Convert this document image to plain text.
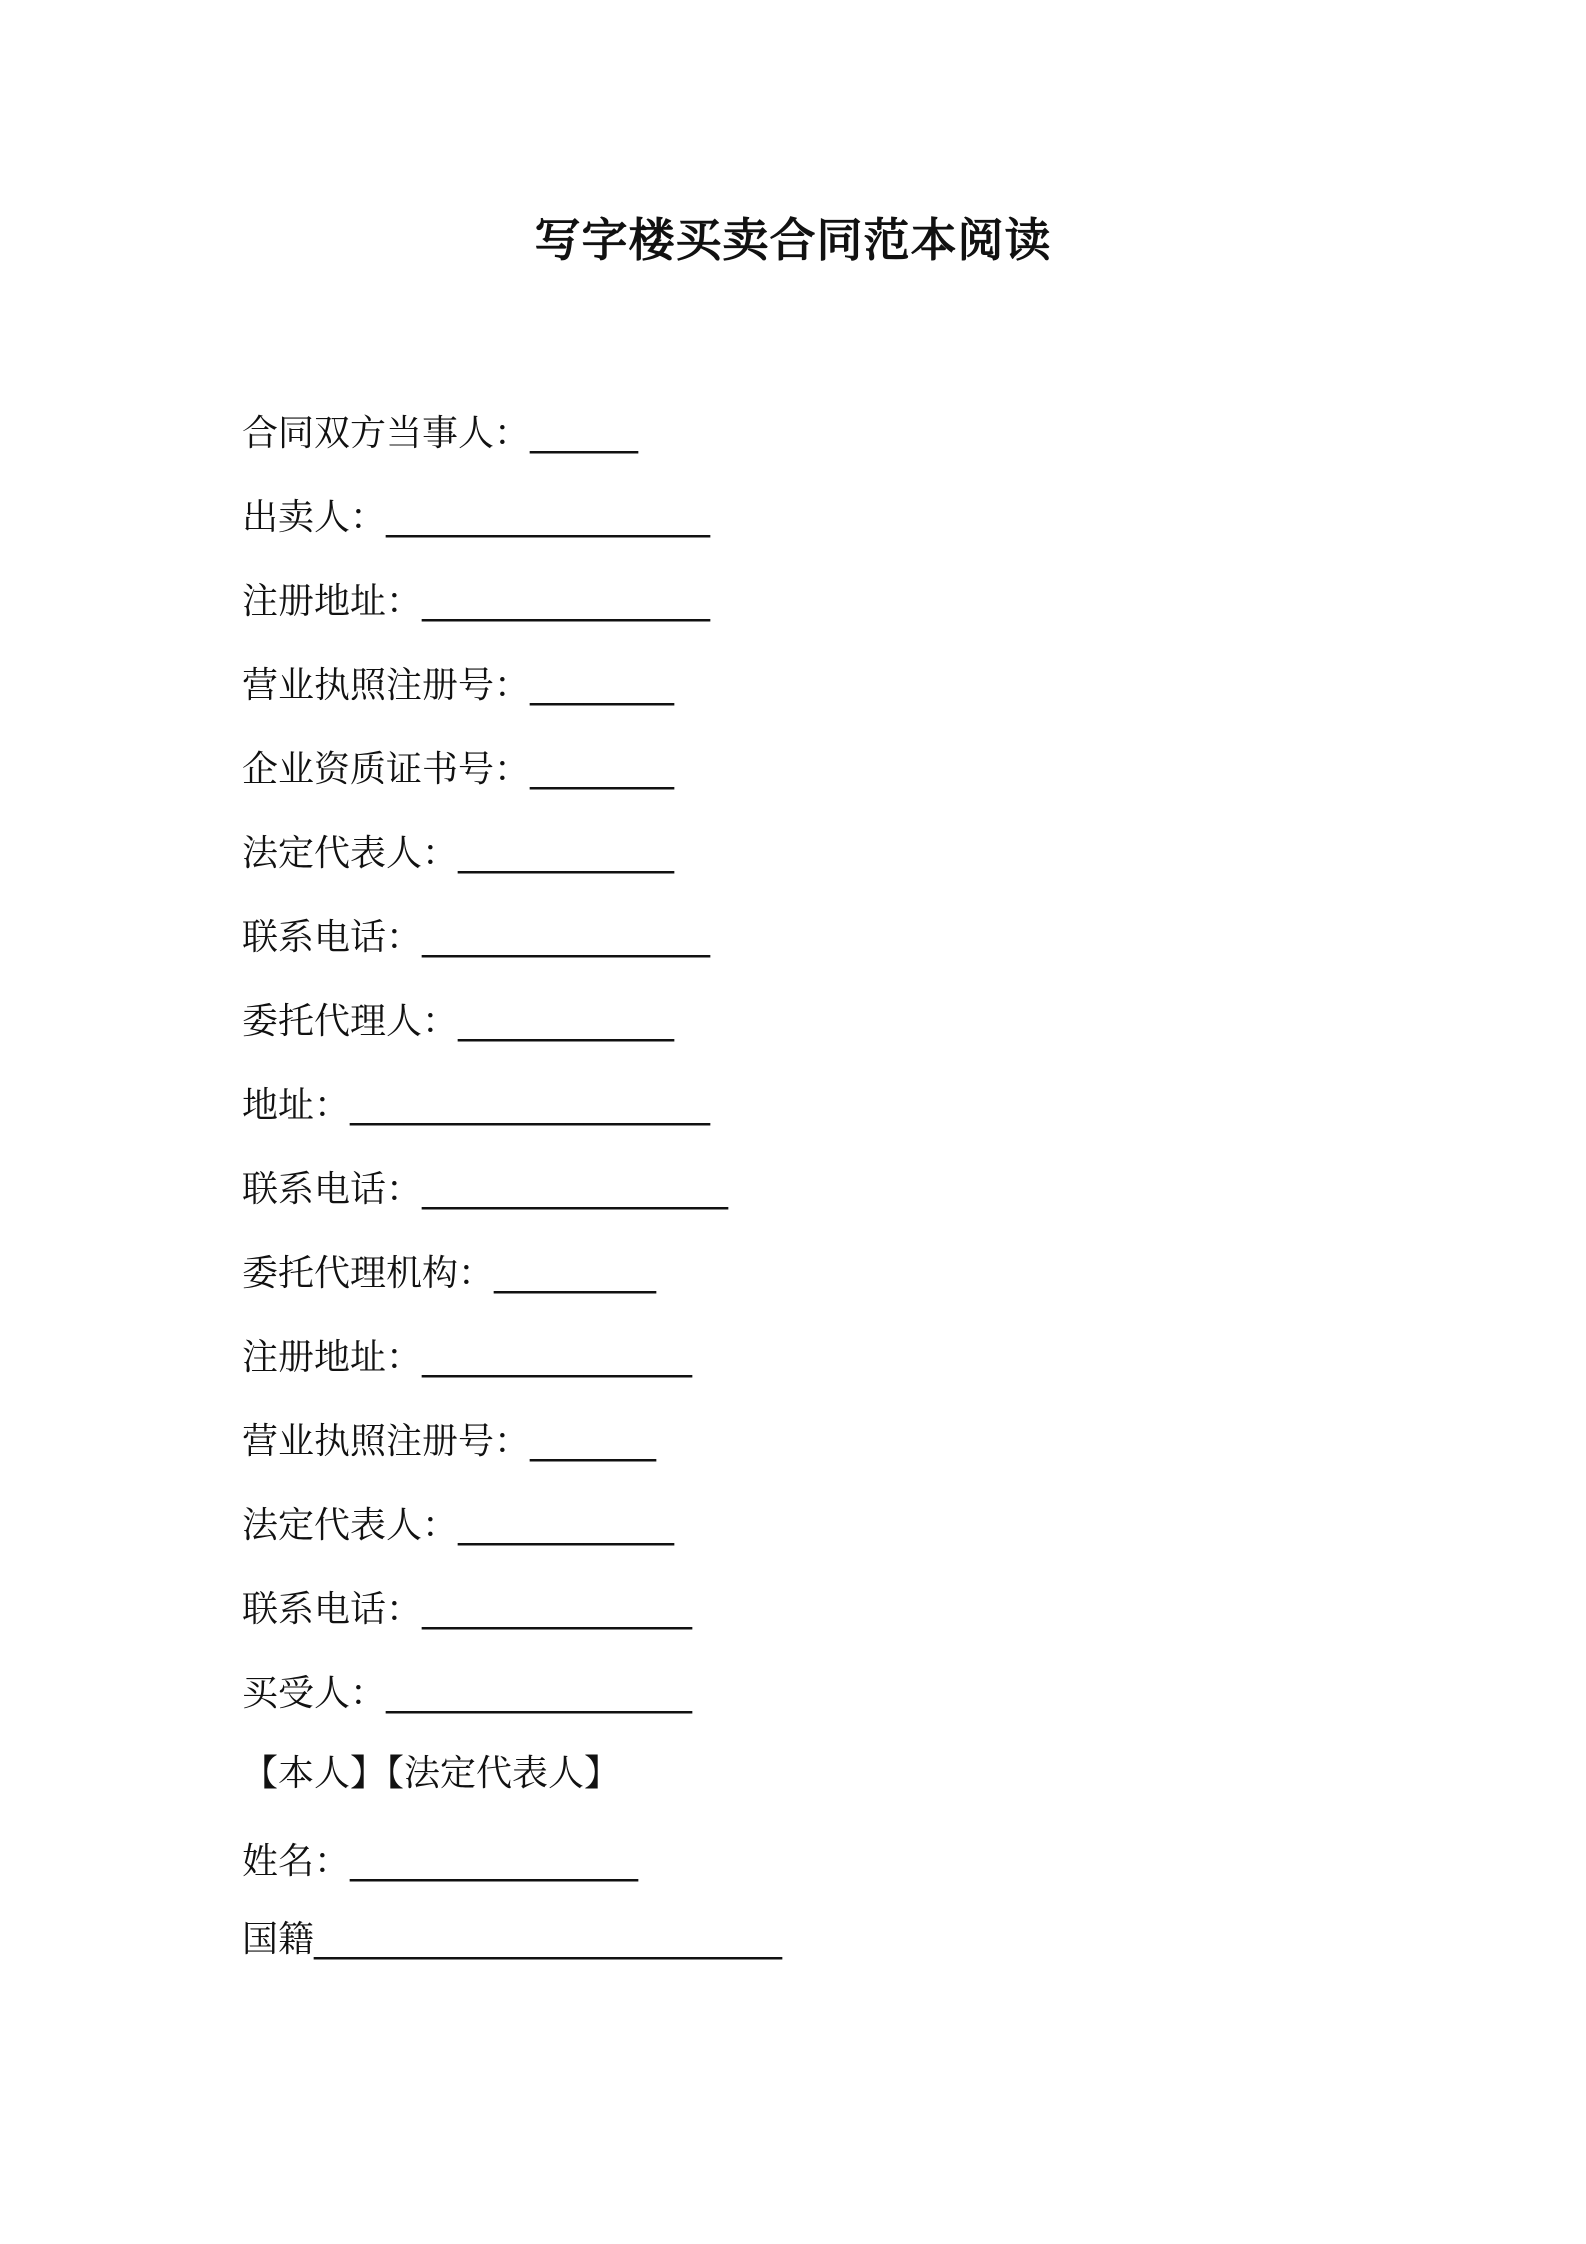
写字楼买卖合同范本阅读
合同双方当事人：______
出卖人：__________________
注册地址：________________
营业执照注册号：________
企业资质证书号：________
法定代表人：____________
联系电话：________________
委托代理人：____________
地址：____________________
联系电话：_________________
委托代理机构：_________
注册地址：_______________
营业执照注册号：_______
法定代表人：____________
联系电话：_______________
买受人：_________________
【本人】【法定代表人】
姓名：________________
国籍__________________________
